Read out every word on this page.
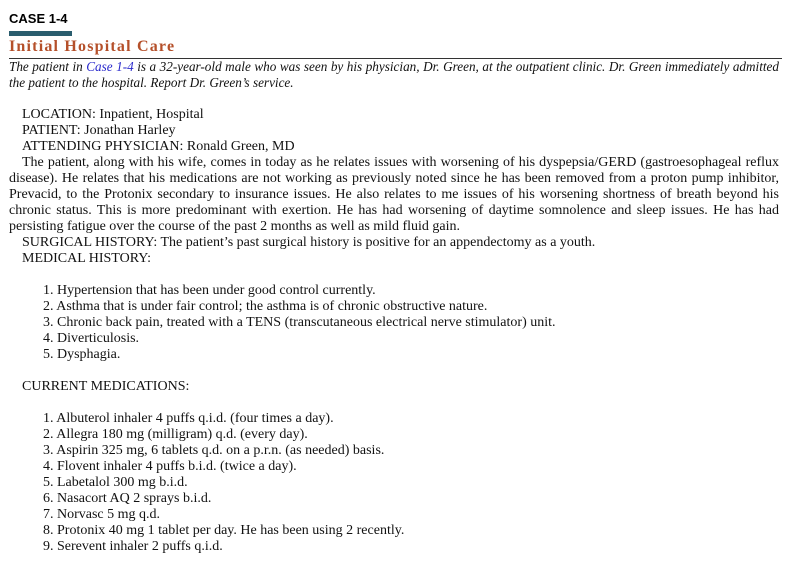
CASE 1-4
Initial Hospital Care

The patient in Case 1-4 is a 32-year-old male who was seen by his physician, Dr. Green, at the outpatient clinic. Dr. Green immediately admitted the patient to the hospital. Report Dr. Green’s service.

LOCATION: Inpatient, Hospital

PATIENT: Jonathan Harley

ATTENDING PHYSICIAN: Ronald Green, MD

The patient, along with his wife, comes in today as he relates issues with worsening of his dyspepsia/GERD (gastroesophageal reflux disease). He relates that his medications are not working as previously noted since he has been removed from a proton pump inhibitor, Prevacid, to the Protonix secondary to insurance issues. He also relates to me issues of his worsening shortness of breath beyond his chronic status. This is more predominant with exertion. He has had worsening of daytime somnolence and sleep issues. He has had persisting fatigue over the course of the past 2 months as well as mild fluid gain.

SURGICAL HISTORY: The patient’s past surgical history is positive for an appendectomy as a youth.

MEDICAL HISTORY:

1. Hypertension that has been under good control currently.
2. Asthma that is under fair control; the asthma is of chronic obstructive nature.
3. Chronic back pain, treated with a TENS (transcutaneous electrical nerve stimulator) unit.
4. Diverticulosis.
5. Dysphagia.

CURRENT MEDICATIONS:

1. Albuterol inhaler 4 puffs q.i.d. (four times a day).
2. Allegra 180 mg (milligram) q.d. (every day).
3. Aspirin 325 mg, 6 tablets q.d. on a p.r.n. (as needed) basis.
4. Flovent inhaler 4 puffs b.i.d. (twice a day).
5. Labetalol 300 mg b.i.d.
6. Nasacort AQ 2 sprays b.i.d.
7. Norvasc 5 mg q.d.
8. Protonix 40 mg 1 tablet per day. He has been using 2 recently.
9. Serevent inhaler 2 puffs q.i.d.
